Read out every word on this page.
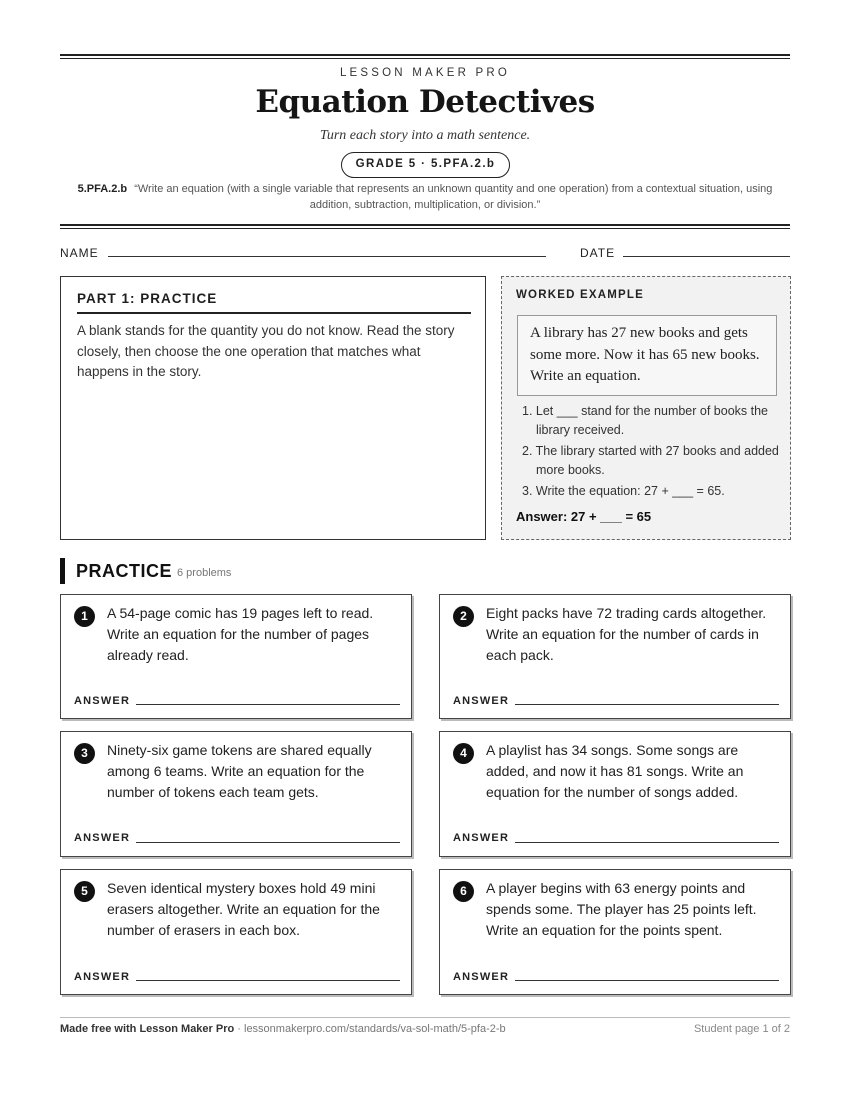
LESSON MAKER PRO
Equation Detectives
Turn each story into a math sentence.
GRADE 5 · 5.PFA.2.b
5.PFA.2.b “Write an equation (with a single variable that represents an unknown quantity and one operation) from a contextual situation, using addition, subtraction, multiplication, or division.”
NAME	DATE
PART 1: PRACTICE
A blank stands for the quantity you do not know. Read the story closely, then choose the one operation that matches what happens in the story.
WORKED EXAMPLE
A library has 27 new books and gets some more. Now it has 65 new books. Write an equation.
1. Let ___ stand for the number of books the library received.
2. The library started with 27 books and added more books.
3. Write the equation: 27 + ___ = 65.
Answer: 27 + ___ = 65
PRACTICE 6 problems
1	A 54-page comic has 19 pages left to read. Write an equation for the number of pages already read.
ANSWER
2	Eight packs have 72 trading cards altogether. Write an equation for the number of cards in each pack.
ANSWER
3	Ninety-six game tokens are shared equally among 6 teams. Write an equation for the number of tokens each team gets.
ANSWER
4	A playlist has 34 songs. Some songs are added, and now it has 81 songs. Write an equation for the number of songs added.
ANSWER
5	Seven identical mystery boxes hold 49 mini erasers altogether. Write an equation for the number of erasers in each box.
ANSWER
6	A player begins with 63 energy points and spends some. The player has 25 points left. Write an equation for the points spent.
ANSWER
Made free with Lesson Maker Pro · lessonmakerpro.com/standards/va-sol-math/5-pfa-2-b	Student page 1 of 2
